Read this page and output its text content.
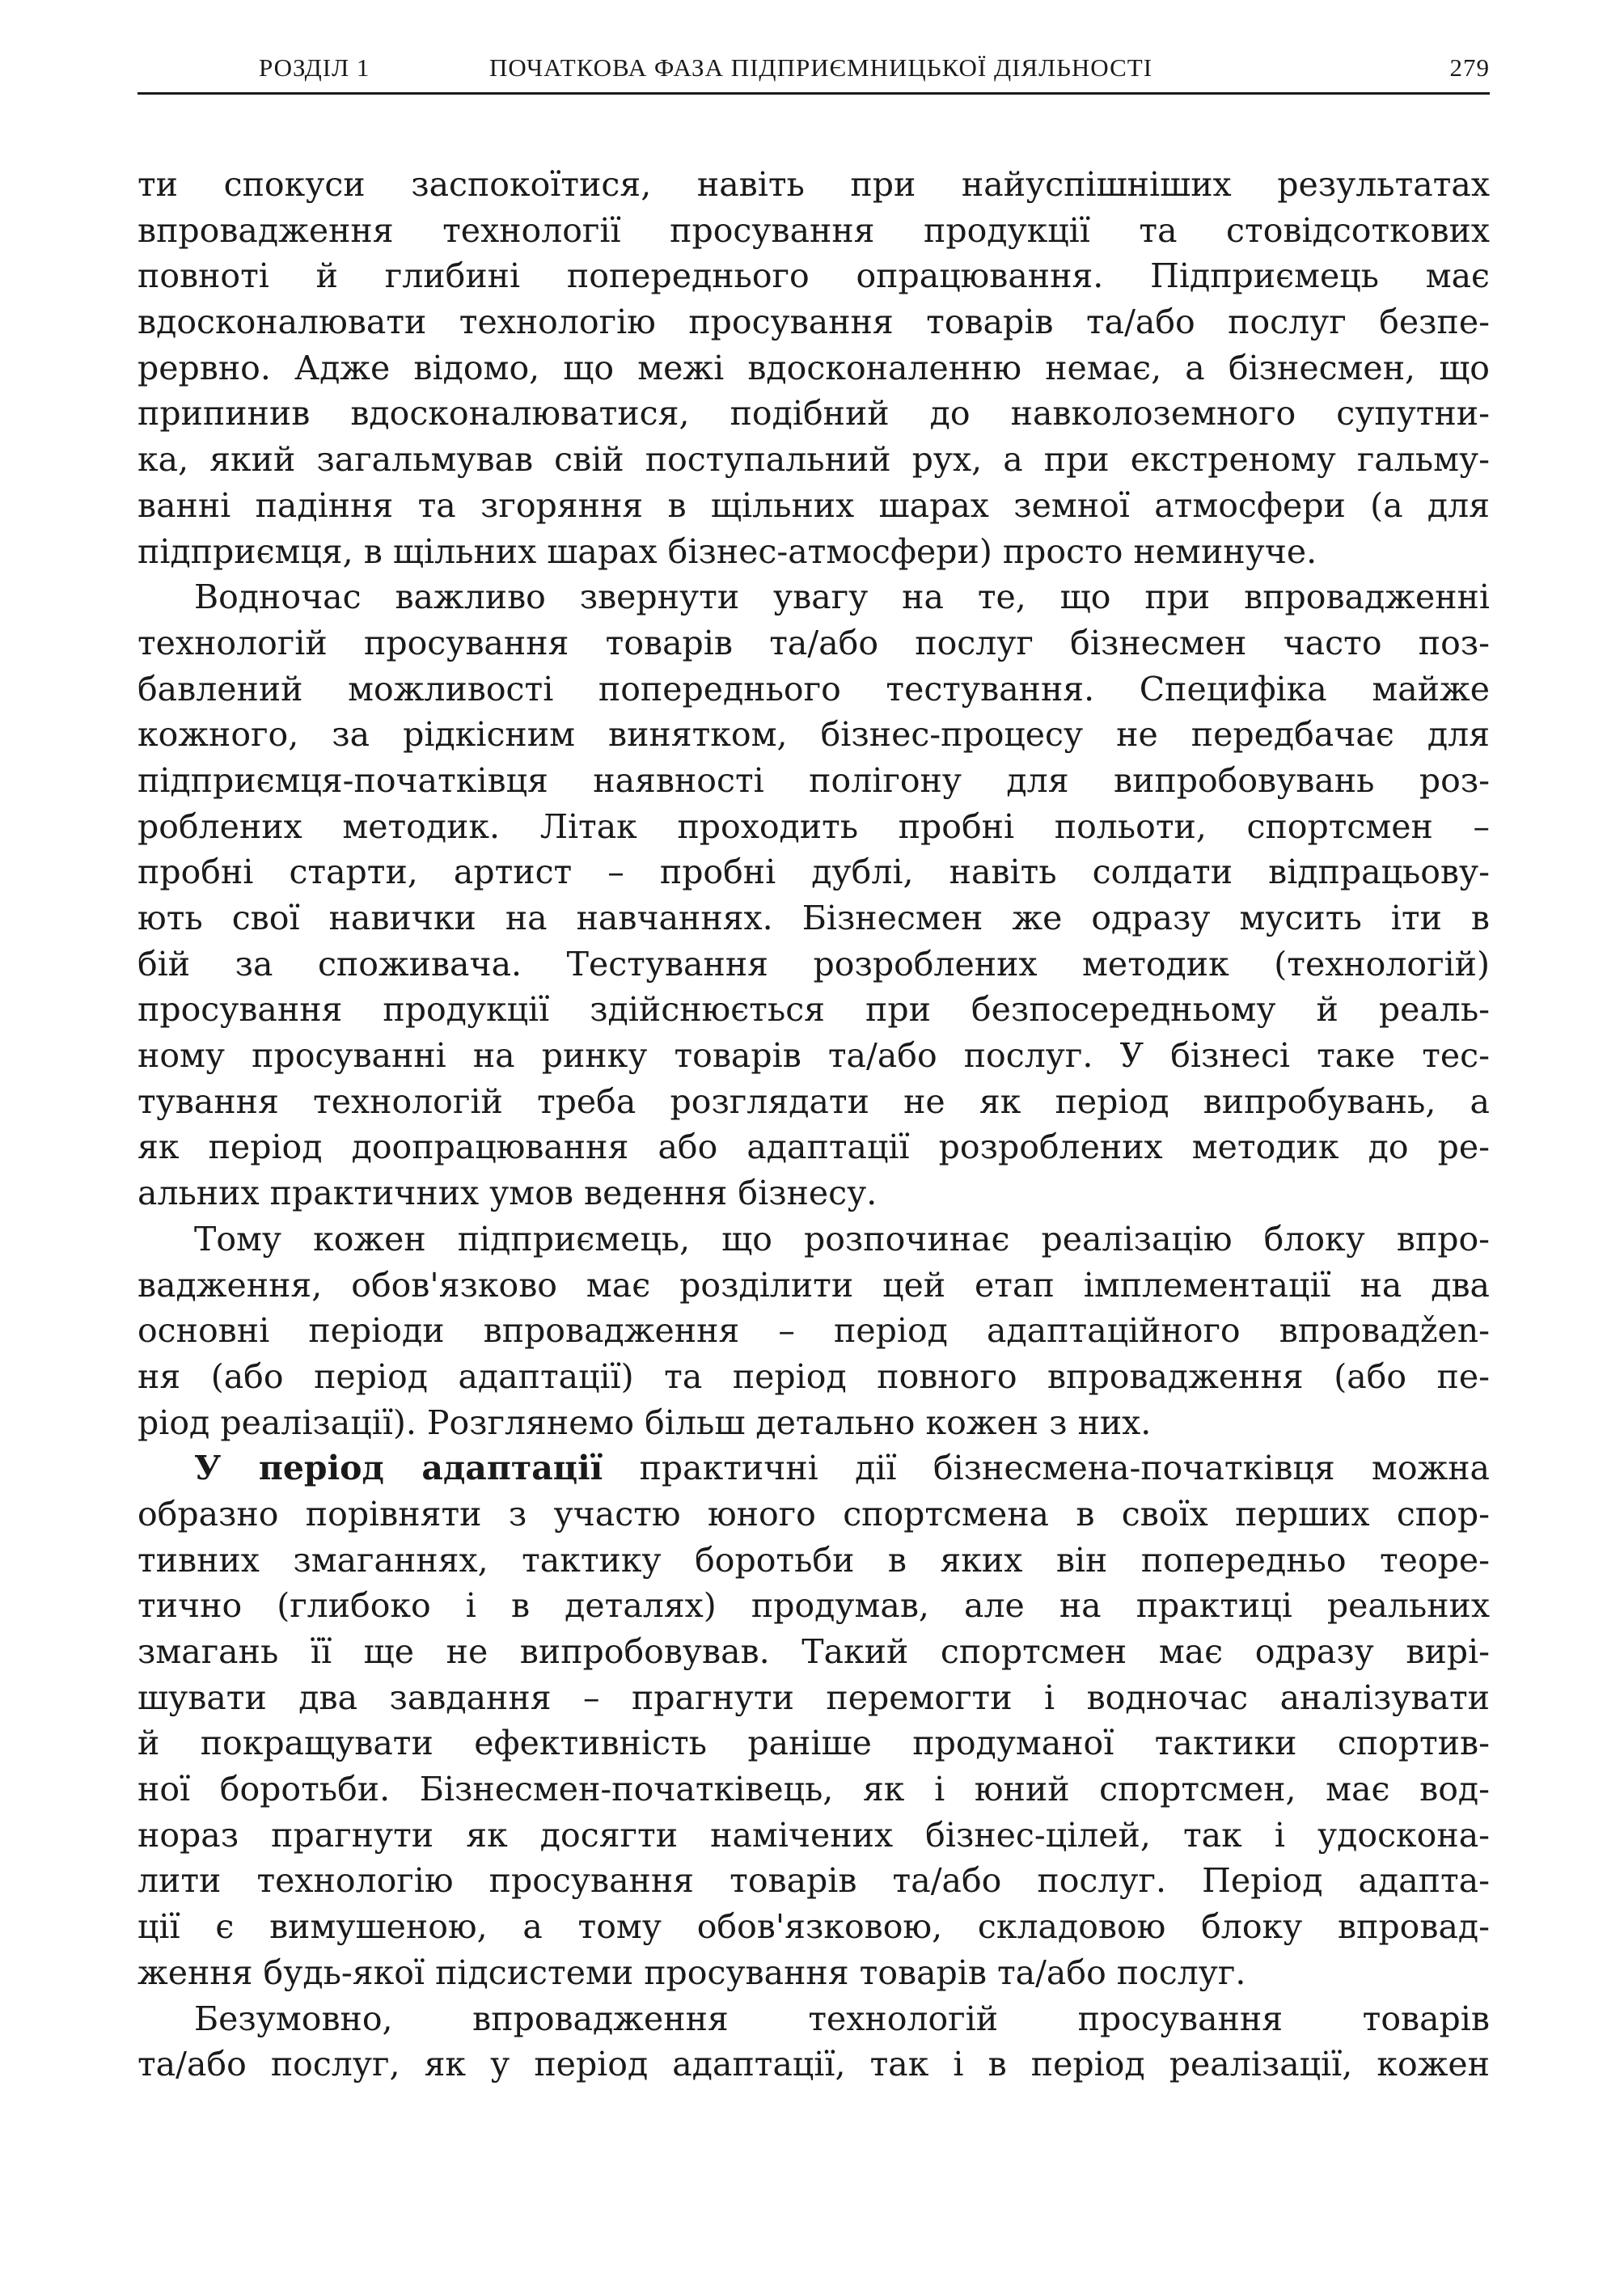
РОЗДІЛ 1	ПОЧАТКОВА ФАЗА ПІДПРИЄМНИЦЬКОЇ ДІЯЛЬНОСТІ	279
ти спокуси заспокоїтися, навіть при найуспішніших результатах
впровадження технології просування продукції та стовідсоткових
повноті й глибині попереднього опрацювання. Підприємець має
вдосконалювати технологію просування товарів та/або послуг безпе-
рервно. Адже відомо, що межі вдосконаленню немає, а бізнесмен, що
припинив вдосконалюватися, подібний до навколоземного супутни-
ка, який загальмував свій поступальний рух, а при екстреному гальму-
ванні падіння та згоряння в щільних шарах земної атмосфери (а для
підприємця, в щільних шарах бізнес-атмосфери) просто неминуче.
Водночас важливо звернути увагу на те, що при впровадженні
технологій просування товарів та/або послуг бізнесмен часто поз-
бавлений можливості попереднього тестування. Специфіка майже
кожного, за рідкісним винятком, бізнес-процесу не передбачає для
підприємця-початківця наявності полігону для випробовувань роз-
роблених методик. Літак проходить пробні польоти, спортсмен –
пробні старти, артист – пробні дублі, навіть солдати відпрацьову-
ють свої навички на навчаннях. Бізнесмен же одразу мусить іти в
бій за споживача. Тестування розроблених методик (технологій)
просування продукції здійснюється при безпосередньому й реаль-
ному просуванні на ринку товарів та/або послуг. У бізнесі таке тес-
тування технологій треба розглядати не як період випробувань, а
як період доопрацювання або адаптації розроблених методик до ре-
альних практичних умов ведення бізнесу.
Тому кожен підприємець, що розпочинає реалізацію блоку впро-
вадження, обов'язково має розділити цей етап імплементації на два
основні періоди впровадження – період адаптаційного впровадžen-
ня (або період адаптації) та період повного впровадження (або пе-
ріод реалізації). Розглянемо більш детально кожен з них.
У період адаптації практичні дії бізнесмена-початківця можна
образно порівняти з участю юного спортсмена в своїх перших спор-
тивних змаганнях, тактику боротьби в яких він попередньо теоре-
тично (глибоко і в деталях) продумав, але на практиці реальних
змагань її ще не випробовував. Такий спортсмен має одразу вирі-
шувати два завдання – прагнути перемогти і водночас аналізувати
й покращувати ефективність раніше продуманої тактики спортив-
ної боротьби. Бізнесмен-початківець, як і юний спортсмен, має вод-
нораз прагнути як досягти намічених бізнес-цілей, так і удоскона-
лити технологію просування товарів та/або послуг. Період адапта-
ції є вимушеною, а тому обов'язковою, складовою блоку впровад-
ження будь-якої підсистеми просування товарів та/або послуг.
Безумовно, впровадження технологій просування товарів
та/або послуг, як у період адаптації, так і в період реалізації, кожен
